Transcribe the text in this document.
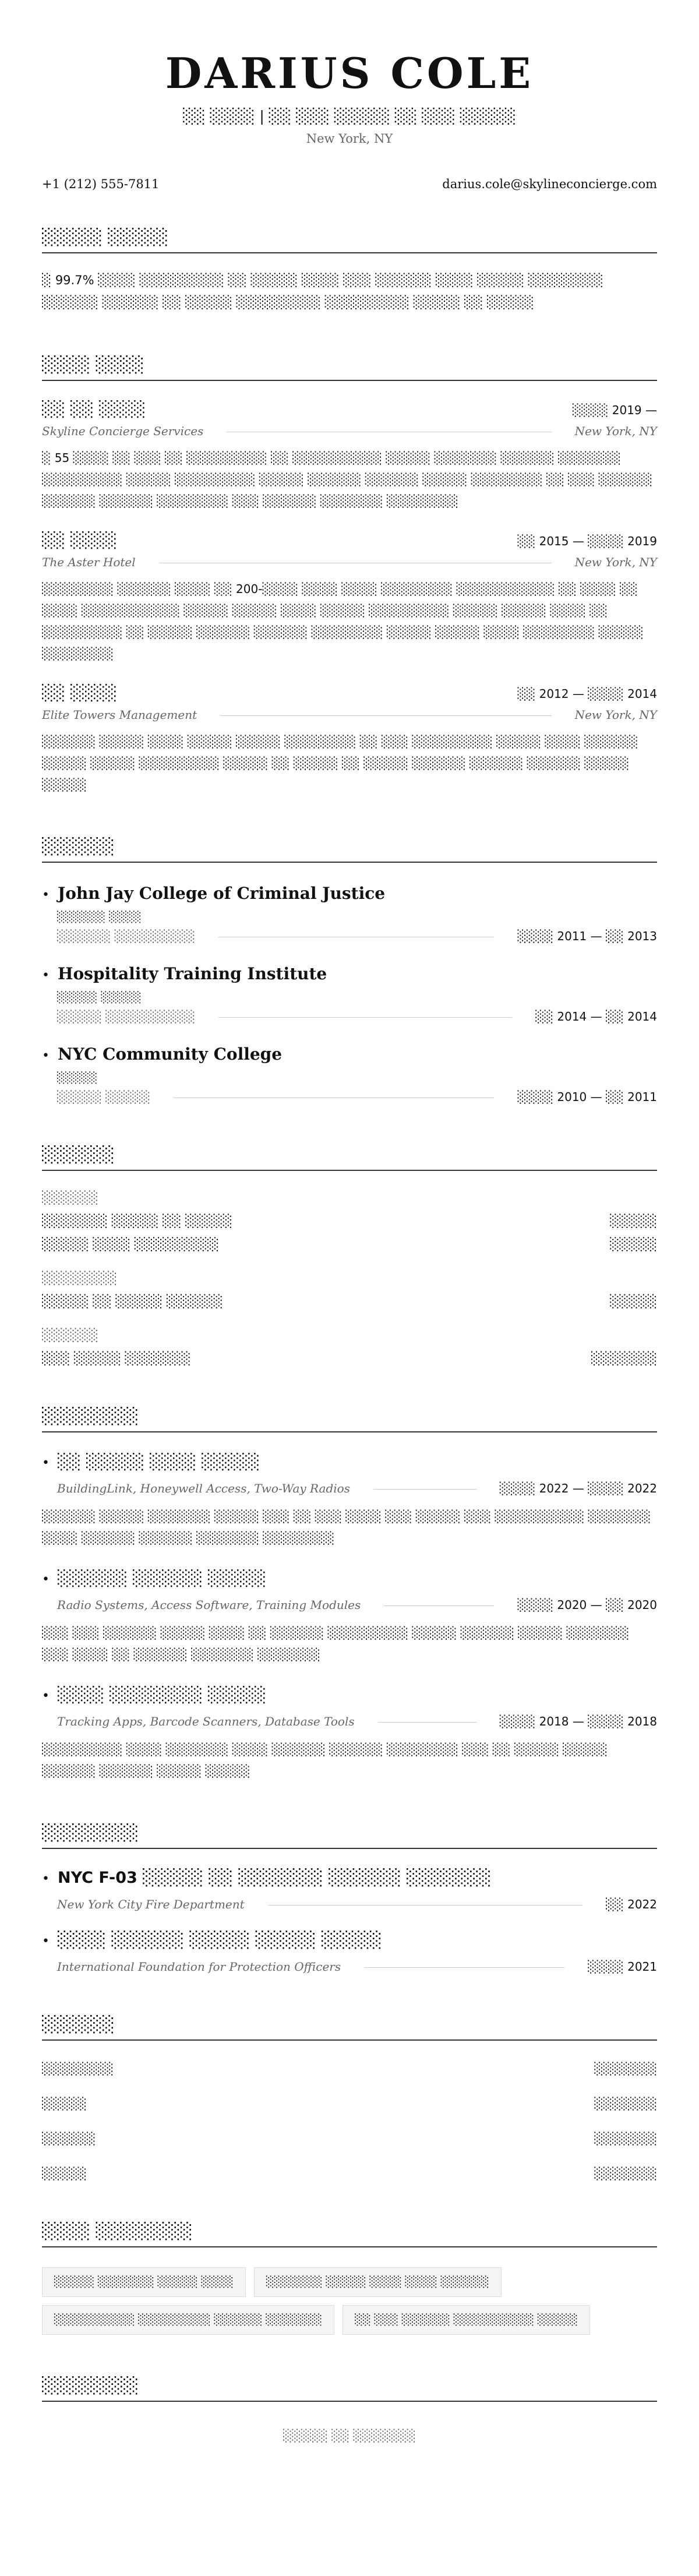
DARIUS COLE
░░ ░░░░ | ░░ ░░░ ░░░░░ ░░ ░░░ ░░░░░
New York, NY
+1 (212) 555-7811	darius.cole@skylineconcierge.com
░░░░░ ░░░░░
░ 99.7% ░░░░ ░░░░░░░░░ ░░ ░░░░░ ░░░░ ░░░ ░░░░░░ ░░░░ ░░░░░ ░░░░░░░░ ░░░░░░ ░░░░░░ ░░ ░░░░░ ░░░░░░░░░ ░░░░░░░░░ ░░░░░ ░░ ░░░░░
░░░░ ░░░░
░░ ░░ ░░░░	░░░░ 2019 —
Skyline Concierge Services	New York, NY
░ 55 ░░░░ ░░ ░░░ ░░ ░░░░░░░░░ ░░ ░░░░░░░░░░ ░░░░░ ░░░░░░░ ░░░░░░ ░░░░░░░ ░░░░░░░░░ ░░░░░ ░░░░░░░░░ ░░░░░ ░░░░░░ ░░░░░░ ░░░░░ ░░░░░░░░ ░░ ░░░ ░░░░░░ ░░░░░░ ░░░░░░ ░░░░░░░░ ░░░ ░░░░░░ ░░░░░░░ ░░░░░░░░
░░ ░░░░	░░ 2015 — ░░░░ 2019
The Aster Hotel	New York, NY
░░░░░░░░ ░░░░░░ ░░░░ ░░ 200-░░░░ ░░░░ ░░░░ ░░░░░░░░ ░░░░░░░░░░░ ░░ ░░░░ ░░ ░░░░ ░░░░░░░░░░░ ░░░░░ ░░░░░ ░░░░ ░░░░░ ░░░░░░░░░ ░░░░░ ░░░░░ ░░░░ ░░ ░░░░░░░░░ ░░ ░░░░░ ░░░░░░ ░░░░░░ ░░░░░░░░ ░░░░░ ░░░░░ ░░░░ ░░░░░░░░ ░░░░░ ░░░░░░░░
░░ ░░░░	░░ 2012 — ░░░░ 2014
Elite Towers Management	New York, NY
░░░░░░ ░░░░░ ░░░░ ░░░░░ ░░░░░ ░░░░░░░░ ░░ ░░░ ░░░░░░░░░ ░░░░░ ░░░░ ░░░░░░ ░░░░░ ░░░░░ ░░░░░░░░░ ░░░░░ ░░ ░░░░░ ░░ ░░░░░ ░░░░░░ ░░░░░░ ░░░░░░ ░░░░░ ░░░░░
░░░░░░
• John Jay College of Criminal Justice
░░░░░░ ░░░░
░░░░░░ ░░░░░░░░░	░░░░ 2011 — ░░ 2013
• Hospitality Training Institute
░░░░░ ░░░░░
░░░░░ ░░░░░░░░░░	░░ 2014 — ░░ 2014
• NYC Community College
░░░░░
░░░░░ ░░░░░	░░░░ 2010 — ░░ 2011
░░░░░░
░░░░░░
░░░░░░░ ░░░░░ ░░ ░░░░░	░░░░░
░░░░░ ░░░░ ░░░░░░░░░	░░░░░
░░░░░░░░
░░░░░ ░░ ░░░░░ ░░░░░░	░░░░░
░░░░░░
░░░ ░░░░░ ░░░░░░░	░░░░░░░
░░░░░░░░
• ░░ ░░░░░ ░░░░ ░░░░░
BuildingLink, Honeywell Access, Two-Way Radios	░░░░ 2022 — ░░░░ 2022
░░░░░░ ░░░░░ ░░░░░░░ ░░░░░ ░░░ ░░ ░░░ ░░░░ ░░░ ░░░░░ ░░░ ░░░░░░░░░░ ░░░░░░░ ░░░░ ░░░░░░ ░░░░░░ ░░░░░░░ ░░░░░░░░
• ░░░░░░ ░░░░░░ ░░░░░
Radio Systems, Access Software, Training Modules	░░░░ 2020 — ░░ 2020
░░░ ░░░ ░░░░░░ ░░░░░ ░░░░ ░░ ░░░░░░ ░░░░░░░░░ ░░░░░ ░░░░░░ ░░░░░ ░░░░░░░ ░░░ ░░░░ ░░ ░░░░░░ ░░░░░░░ ░░░░░░░
• ░░░░ ░░░░░░░░ ░░░░░
Tracking Apps, Barcode Scanners, Database Tools	░░░░ 2018 — ░░░░ 2018
░░░░░░░░░ ░░░░ ░░░░░░░ ░░░░ ░░░░░░ ░░░░░░ ░░░░░░░░ ░░░ ░░ ░░░░░ ░░░░░ ░░░░░░ ░░░░░░ ░░░░░ ░░░░░
░░░░░░░░
• NYC F-03 ░░░░░ ░░ ░░░░░░░ ░░░░░░ ░░░░░░░
New York City Fire Department	░░ 2022
• ░░░░ ░░░░░░ ░░░░░ ░░░░░ ░░░░░
International Foundation for Protection Officers	░░░░ 2021
░░░░░░
░░░░░░░░	░░░░░░░
░░░░░	░░░░░░░
░░░░░░	░░░░░░░
░░░░░	░░░░░░░
░░░░ ░░░░░░░░
░░░░░ ░░░░░░░ ░░░░░ ░░░░	░░░░░░░ ░░░░░ ░░░░ ░░░░ ░░░░░░
░░░░░░░░░░ ░░░░░░░░░ ░░░░░░ ░░░░░░░	░░ ░░░ ░░░░░░ ░░░░░░░░░░ ░░░░░
░░░░░░░░
░░░░░ ░░ ░░░░░░░
